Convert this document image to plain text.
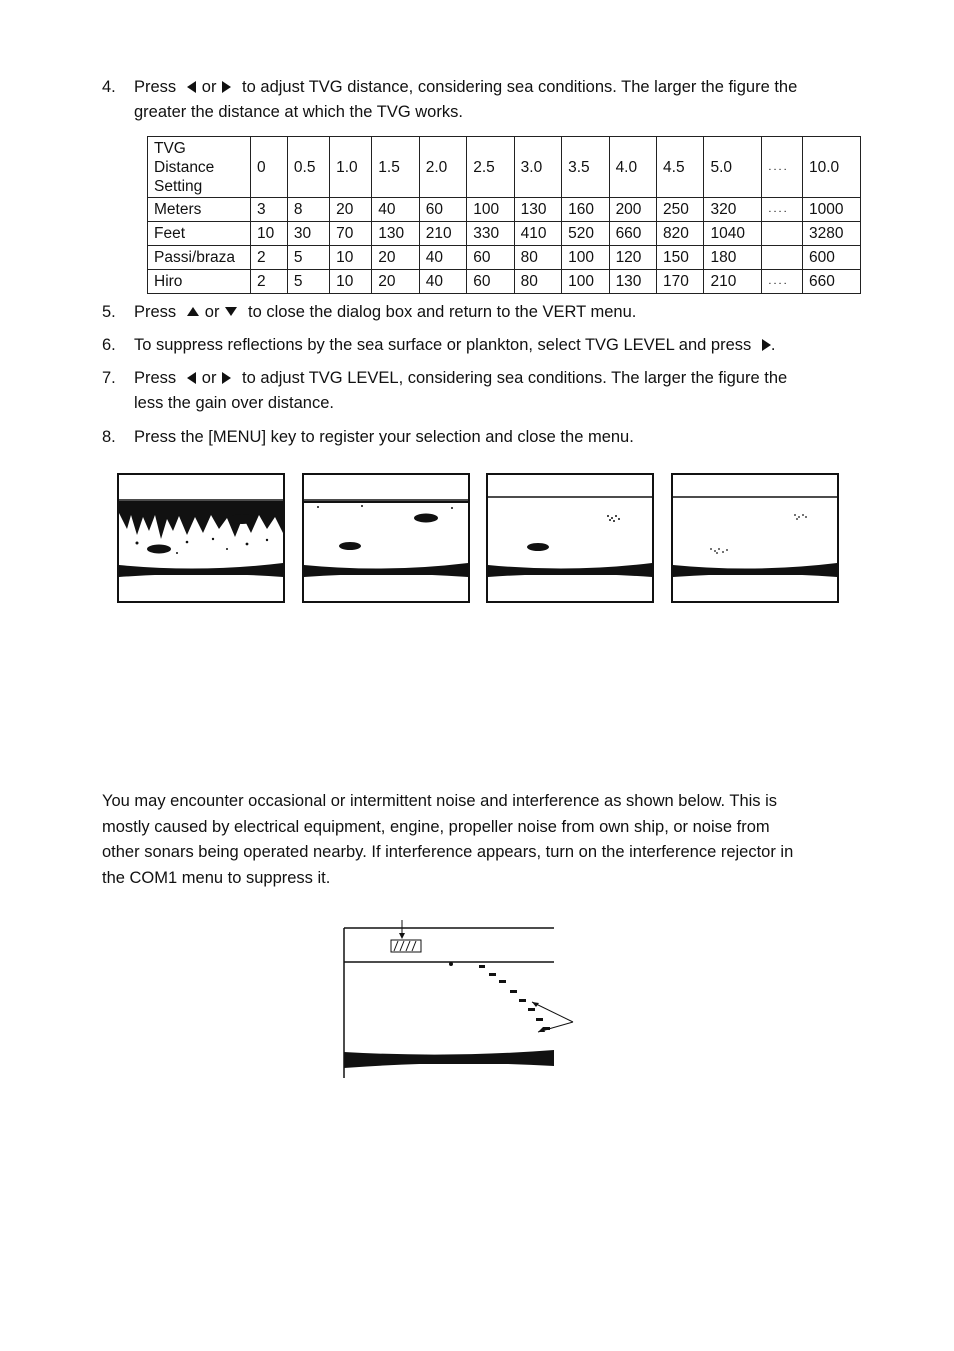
4. Press or to adjust TVG distance, considering sea conditions. The larger the figure the
greater the distance at which the TVG works.
TVG
Distance
Setting	0	0.5	1.0	1.5	2.0	2.5	3.0	3.5	4.0	4.5	5.0	....	10.0
Meters	3	8	20	40	60	100	130	160	200	250	320	....	1000
Feet	10	30	70	130	210	330	410	520	660	820	1040		3280
Passi/braza	2	5	10	20	40	60	80	100	120	150	180		600
Hiro	2	5	10	20	40	60	80	100	130	170	210	....	660
5. Press or to close the dialog box and return to the VERT menu.
6. To suppress reflections by the sea surface or plankton, select TVG LEVEL and press .
7. Press or to adjust TVG LEVEL, considering sea conditions. The larger the figure the
less the gain over distance.
8. Press the [MENU] key to register your selection and close the menu.
You may encounter occasional or intermittent noise and interference as shown below. This is
mostly caused by electrical equipment, engine, propeller noise from own ship, or noise from
other sonars being operated nearby. If interference appears, turn on the interference rejector in
the COM1 menu to suppress it.
